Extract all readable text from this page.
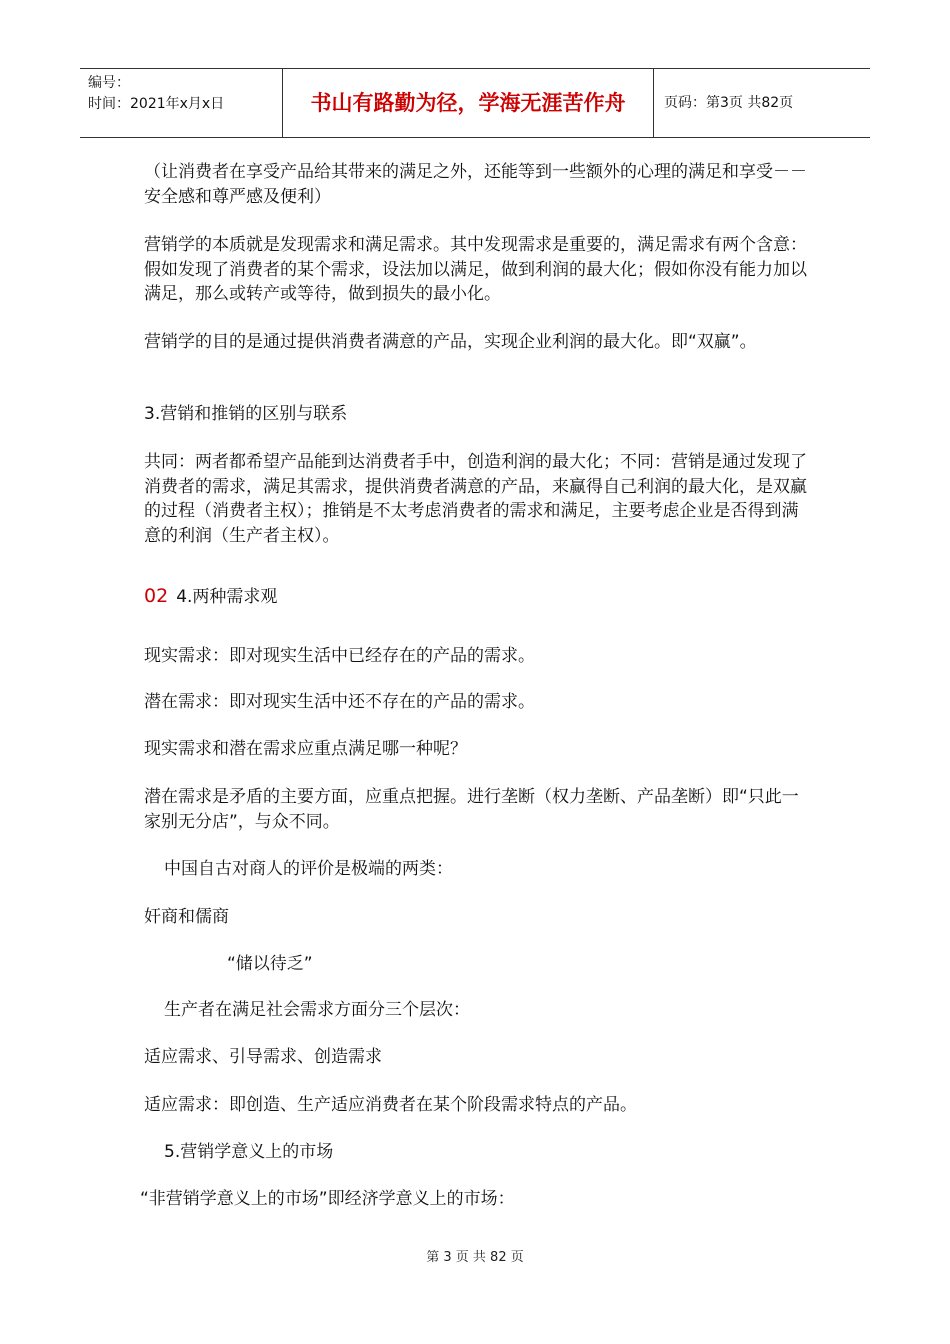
编号：
时间：2021年x月x日	书山有路勤为径，学海无涯苦作舟	页码：第3页 共82页

（让消费者在享受产品给其带来的满足之外，还能等到一些额外的心理的满足和享受－－安全感和尊严感及便利）

营销学的本质就是发现需求和满足需求。其中发现需求是重要的，满足需求有两个含意：假如发现了消费者的某个需求，设法加以满足，做到利润的最大化；假如你没有能力加以满足，那么或转产或等待，做到损失的最小化。

营销学的目的是通过提供消费者满意的产品，实现企业利润的最大化。即“双赢”。

3.营销和推销的区别与联系

共同：两者都希望产品能到达消费者手中，创造利润的最大化；不同：营销是通过发现了消费者的需求，满足其需求，提供消费者满意的产品，来赢得自己利润的最大化，是双赢的过程（消费者主权）；推销是不太考虑消费者的需求和满足，主要考虑企业是否得到满意的利润（生产者主权）。

02 4.两种需求观

现实需求：即对现实生活中已经存在的产品的需求。

潜在需求：即对现实生活中还不存在的产品的需求。

现实需求和潜在需求应重点满足哪一种呢？

潜在需求是矛盾的主要方面，应重点把握。进行垄断（权力垄断、产品垄断）即“只此一家别无分店”，与众不同。

中国自古对商人的评价是极端的两类：

奸商和儒商

“储以待乏”

生产者在满足社会需求方面分三个层次：

适应需求、引导需求、创造需求

适应需求：即创造、生产适应消费者在某个阶段需求特点的产品。

5.营销学意义上的市场

“非营销学意义上的市场”即经济学意义上的市场：

第 3 页 共 82 页
